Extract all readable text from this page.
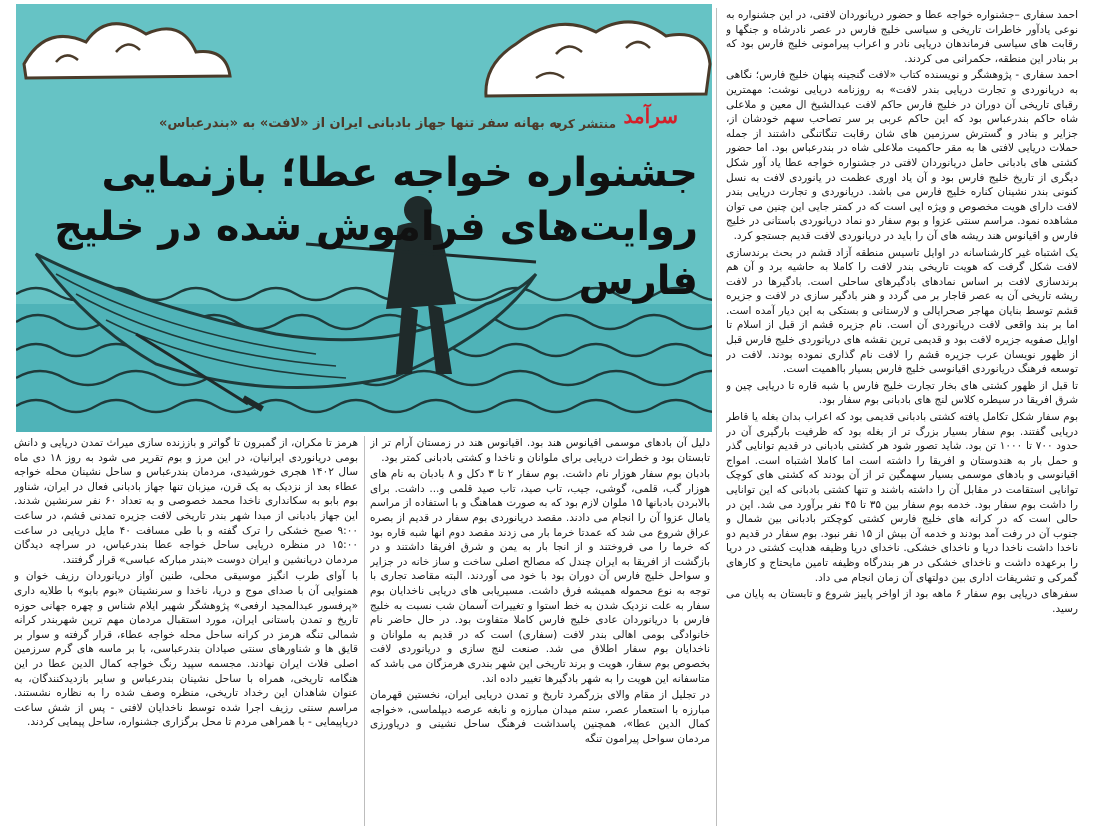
به بهانه سفر تنها جهاز بادبانی ایران از «لافت» به «بندرعباس»	سرآمد
منتشر کرد
جشنواره خواجه عطا؛ بازنمایی روایت‌های فراموش شده در خلیج فارس

احمد سفاری –جشنواره خواجه عطا و حضور دریانوردان لافتی، در این جشنواره به نوعی یادآور خاطرات تاریخی و سیاسی خلیج فارس در عصر نادرشاه و جنگها و رقابت های سیاسی فرماندهان دریایی نادر و اعراب پیرامونی خلیج فارس بود که بر بنادر این منطقه، حکمرانی می کردند.

احمد سفاری - پژوهشگر و نویسنده کتاب «لافت گنجینه پنهان خلیج فارس؛ نگاهی به دریانوردی و تجارت دریایی بندر لافت» به روزنامه دریایی نوشت: مهمترین رقبای تاریخی آن دوران در خلیج فارس حاکم لافت عبدالشیخ ال معین و ملاعلی شاه حاکم بندرعباس بود که این حاکم عربی بر سر تصاحب سهم خودشان از، جزایر و بنادر و گسترش سرزمین های شان رقابت تنگاتنگی داشتند از جمله حملات دریایی لافتی ها به مقر حاکمیت ملاعلی شاه در بندرعباس بود. اما حضور کشتی های بادبانی حامل دریانوردان لافتی در جشنواره خواجه عطا یاد آور شکل دیگری از تاریخ خلیج فارس بود و آن یاد اوری عظمت در یانوردی لافت به نسل کنونی بندر نشینان کناره خلیج فارس می باشد. دریانوردی و تجارت دریایی بندر لافت دارای هویت مخصوص و ویژه ایی است که در کمتر جایی این چنین می توان مشاهده نمود. مراسم سنتی عزوا و بوم سفار دو نماد دریانوردی باستانی در خلیج فارس و اقیانوس هند ریشه های آن را باید در دریانوردی لافت قدیم جستجو کرد.

یک اشتباه غیر کارشناسانه در اوایل تاسیس منطقه آزاد قشم در بحث برندسازی لافت شکل گرفت که هویت تاریخی بندر لافت را کاملا به حاشیه برد و آن هم برندسازی لافت بر اساس نمادهای بادگیرهای ساحلی است. بادگیرها در لافت ریشه تاریخی آن به عصر قاجار بر می گردد و هنر بادگیر سازی در لافت و جزیره قشم توسط بنایان مهاجر صحرایالی و لارستانی و بستکی به این دیار آمده است. اما بر بند واقعی لافت دریانوردی آن است. نام جزیره قشم از قبل از اسلام تا اوایل صفویه جزیره لافت بود و قدیمی ترین نقشه های دریانوردی خلیج فارس قبل از ظهور نویسان عرب جزیره قشم را لافت نام گذاری نموده بودند. لافت در توسعه فرهنگ دریانوردی اقیانوسی خلیج فارس بسیار بااهمیت است.

تا قبل از ظهور کشتی های بخار تجارت خلیج فارس با شبه قاره تا دریایی چین و شرق افریقا در سیطره کلاس لنج های بادبانی بوم سفار بود.

بوم سفار شکل تکامل یافته کشتی بادبانی قدیمی بود که اعراب بدان بغله یا قاطر دریایی گفتند. بوم سفار بسیار بزرگ تر از بغله بود که ظرفیت بارگیری آن در حدود ۷۰۰ تا ۱۰۰۰ تن بود. شاید تصور شود هر کشتی بادبانی در قدیم توانایی گذر و حمل بار به هندوستان و افریقا را داشته است اما کاملا اشتباه است. امواج اقیانوسی و بادهای موسمی بسیار سهمگین تر از آن بودند که کشتی های کوچک توانایی استقامت در مقابل آن را داشته باشند و تنها کشتی بادبانی که این توانایی را داشت بوم سفار بود. خدمه بوم سفار بین ۳۵ تا ۴۵ نفر برآورد می شد. این در حالی است که در کرانه های خلیج فارس کشتی کوچکتر بادبانی بین شمال و جنوب آن در رفت آمد بودند و خدمه آن بیش از ۱۵ نفر نبود. بوم سفار در قدیم دو ناخدا داشت ناخدا دریا و ناخدای خشکی. ناخدای دریا وظیفه هدایت کشتی در دریا را برعهده داشت و ناخدای خشکی در هر بندرگاه وظیفه تامین مایحتاج و کارهای گمرکی و تشریفات اداری بین دولتهای آن زمان انجام می داد.

سفرهای دریایی بوم سفار ۶ ماهه بود از اواخر پاییز شروع و تابستان به پایان می رسید.

دلیل آن بادهای موسمی اقیانوس هند بود. اقیانوس هند در زمستان آرام تر از تابستان بود و خطرات دریایی برای ملوانان و ناخدا و کشتی بادبانی کمتر بود.

بادبان بوم سفار هوزار نام داشت. بوم سفار ۲ تا ۳ دکل و ۸ بادبان به نام های هوزار گب، قلمی، گوشی، جیب، تاب صید، تاب صید قلمی و... داشت. برای بالابردن بادبانها ۱۵ ملوان لازم بود که به صورت هماهنگ و با استفاده از مراسم یامال عزوا آن را انجام می دادند. مقصد دریانوردی بوم سفار در قدیم از بصره عراق شروع می شد که عمدتا خرما بار می زدند مقصد دوم انها شبه قاره بود که خرما را می فروختند و از انجا بار به یمن و شرق افریقا داشتند و در بازگشت از افریقا به ایران چندل که مصالح اصلی ساخت و ساز خانه در جزایر و سواحل خلیج فارس آن دوران بود با خود می آوردند. البته مقاصد تجاری با توجه به نوع محموله همیشه فرق داشت. مسیریابی های دریایی ناخدایان بوم سفار به علت نزدیک شدن به خط استوا و تغییرات آسمان شب نسبت به خلیج فارس با دریانوردان عادی خلیج فارس کاملا متفاوت بود. در حال حاضر نام خانوادگی بومی اهالی بندر لافت (سفاری) است که در قدیم به ملوانان و ناخدایان بوم سفار اطلاق می شد. صنعت لنج سازی و دریانوردی لافت بخصوص بوم سفار، هویت و برند تاریخی این شهر بندری هرمزگان می باشد که متاسفانه این هویت را به شهر بادگیرها تغییر داده اند.

در تجلیل از مقام والای بزرگمرد تاریخ و تمدن دریایی ایران، نخستین قهرمان مبارزه با استعمار عصر، ستم میدان مبارزه و نابغه عرصه دیپلماسی، «خواجه کمال الدین عطا»، همچنین پاسداشت فرهنگ ساحل نشینی و دریاورزی مردمان سواحل پیرامون تنگه

هرمز تا مکران، از گمبرون تا گواتر و باززنده سازی میراث تمدن دریایی و دانش بومی دریانوردی ایرانیان، در این مرز و بوم تقریر می شود به روز ۱۸ دی ماه سال ۱۴۰۲ هجری خورشیدی، مردمان بندرعباس و ساحل نشینان محله خواجه عطاء بعد از نزدیک به یک قرن، میزبان تنها جهاز بادبانی فعال در ایران، شناور بوم بابو به سکانداری ناخدا محمد خصوصی و به تعداد ۶۰ نفر سرنشین شدند. این جهاز بادبانی از مبدا شهر بندر تاریخی لافت جزیره تمدنی قشم، در ساعت ۹:۰۰ صبح خشکی را ترک گفته و با طی مسافت ۴۰ مایل دریایی در ساعت ۱۵:۰۰ در منظره دریایی ساحل خواجه عطا بندرعباس، در سراچه دیدگان مردمان دریانشین و ایران دوست «بندر مبارکه عباسی» قرار گرفتند.

با آوای طرب انگیز موسیقی محلی، طنین آواز دریانوردان رزیف خوان و همنوایی آن با صدای موج و دریا، ناخدا و سرنشینان «بوم بابو» با طلایه داری «پرفسور عبدالمجید ارفعی» پژوهشگر شهیر ایلام شناس و چهره جهانی حوزه تاریخ و تمدن باستانی ایران، مورد استقبال مردمان مهم ترین شهربندر کرانه شمالی تنگه هرمز در کرانه ساحل محله خواجه عطاء، قرار گرفته و سوار بر قایق ها و شناورهای سنتی صیادان بندرعباسی، با بر ماسه های گرم سرزمین اصلی فلات ایران نهادند. مجسمه سپید رنگ خواجه کمال الدین عطا در این هنگامه تاریخی، همراه با ساحل نشینان بندرعباس و سایر بازدیدکنندگان، به عنوان شاهدان این رخداد تاریخی، منظره وصف شده را به نظاره نشستند. مراسم سنتی رزیف اجرا شده توسط ناخدایان لافتی - پس از شش ساعت دریاپیمایی - با همراهی مردم تا محل برگزاری جشنواره، ساحل پیمایی کردند.
